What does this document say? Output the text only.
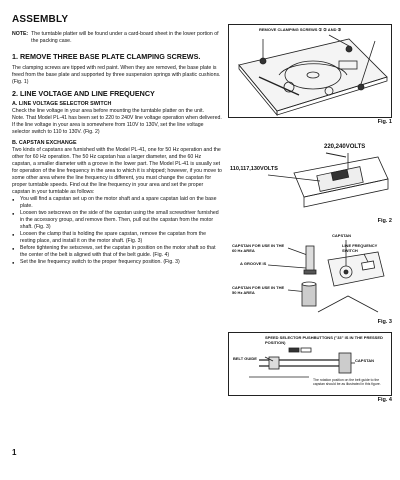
ASSEMBLY
NOTE: The turntable platter will be found under a card-board sheet in the lower portion of the packing case.
1. REMOVE THREE BASE PLATE CLAMPING SCREWS.

The clamping screws are tipped with red paint. When they are removed, the base plate is freed from the base plate and supported by three suspension springs with plastic cushions. (Fig. 1)

2. LINE VOLTAGE AND LINE FREQUENCY
A. LINE VOLTAGE SELECTOR SWITCH

Check the line voltage in your area before mounting the turntable platter on the unit.

Note. That Model PL-41 has been set to 220 to 240V line voltage operation when delivered. If the line voltage in your area is somewhere from 110V to 130V, set the line voltage selector switch to 110 to 130V. (Fig. 2)

B. CAPSTAN EXCHANGE

Two kinds of capstans are furnished with the Model PL-41, one for 50 Hz operation and the other for 60 Hz operation. The 50 Hz capstan has a larger diameter, and the 60 Hz capstan, a smaller diameter with a groove in the lower part. The Model PL-41 is usually set for operation of the line frequency in the area to which it is shipped; however, if you move to some other area where the line frequency is different, you must change the capstan for proper turntable speeds. Find out the line frequency in your area and set the proper capstan in your turntable as follows:

● You will find a capstan set up on the motor shaft and a spare capstan laid on the base plate.
● Loosen two setscrews on the side of the capstan using the small screwdriver furnished in the accessory group, and remove them. Then, pull out the capstan from the motor shaft. (Fig. 3)
● Loosen the clamp that is holding the spare capstan, remove the capstan from the resting place, and install it on the motor shaft. (Fig. 3)
● Before tightening the setscrews, set the capstan in position on the motor shaft so that the center of the belt is aligned with that of the belt guide. (Fig. 4)
● Set the line frequency switch to the proper frequency position. (Fig. 3)
1
REMOVE CLAMPING SCREWS ① ② AND ③
Fig. 1
220,240VOLTS
110,117,130VOLTS
Fig. 2
CAPSTAN
CAPSTAN FOR USE IN THE 60 Hz AREA
LINE FREQUENCY SWITCH
A GROOVE IS
CAPSTAN FOR USE IN THE 50 Hz AREA
Fig. 3
SPEED SELECTOR PUSHBUTTONS ("33" IS IN THE PRESSED POSITION)
BELT GUIDE	CAPSTAN
The rotation position on the belt guide to the capstan should be as illustrated in this figure.
Fig. 4
